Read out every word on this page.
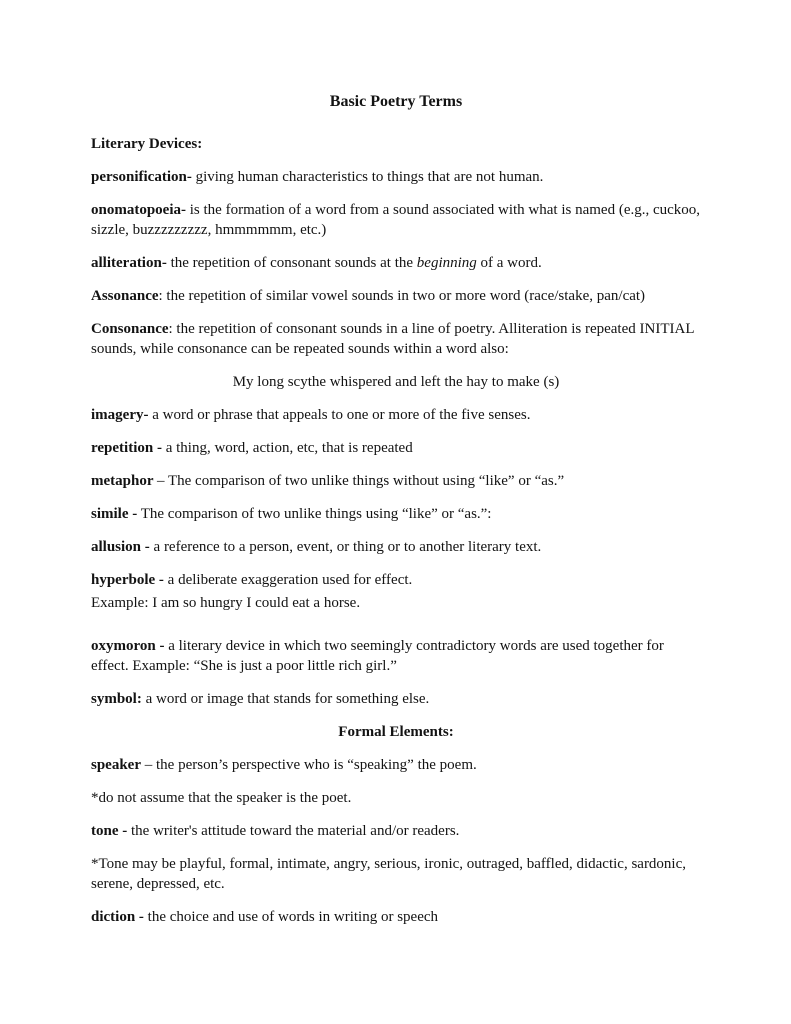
Basic Poetry Terms

Literary Devices:

personification- giving human characteristics to things that are not human.

onomatopoeia- is the formation of a word from a sound associated with what is named (e.g., cuckoo, sizzle, buzzzzzzzzz, hmmmmmm, etc.)

alliteration- the repetition of consonant sounds at the beginning of a word.

Assonance: the repetition of similar vowel sounds in two or more word (race/stake, pan/cat)

Consonance: the repetition of consonant sounds in a line of poetry. Alliteration is repeated INITIAL sounds, while consonance can be repeated sounds within a word also:

My long scythe whispered and left the hay to make (s)

imagery- a word or phrase that appeals to one or more of the five senses.

repetition - a thing, word, action, etc, that is repeated

metaphor – The comparison of two unlike things without using “like” or “as.”

simile - The comparison of two unlike things using “like” or “as.”:

allusion - a reference to a person, event, or thing or to another literary text.

hyperbole - a deliberate exaggeration used for effect.

Example: I am so hungry I could eat a horse.

oxymoron - a literary device in which two seemingly contradictory words are used together for effect. Example: “She is just a poor little rich girl.”

symbol: a word or image that stands for something else.

Formal Elements:

speaker – the person’s perspective who is “speaking” the poem.

*do not assume that the speaker is the poet.

tone - the writer's attitude toward the material and/or readers.

*Tone may be playful, formal, intimate, angry, serious, ironic, outraged, baffled, didactic, sardonic, serene, depressed, etc.

diction - the choice and use of words in writing or speech
